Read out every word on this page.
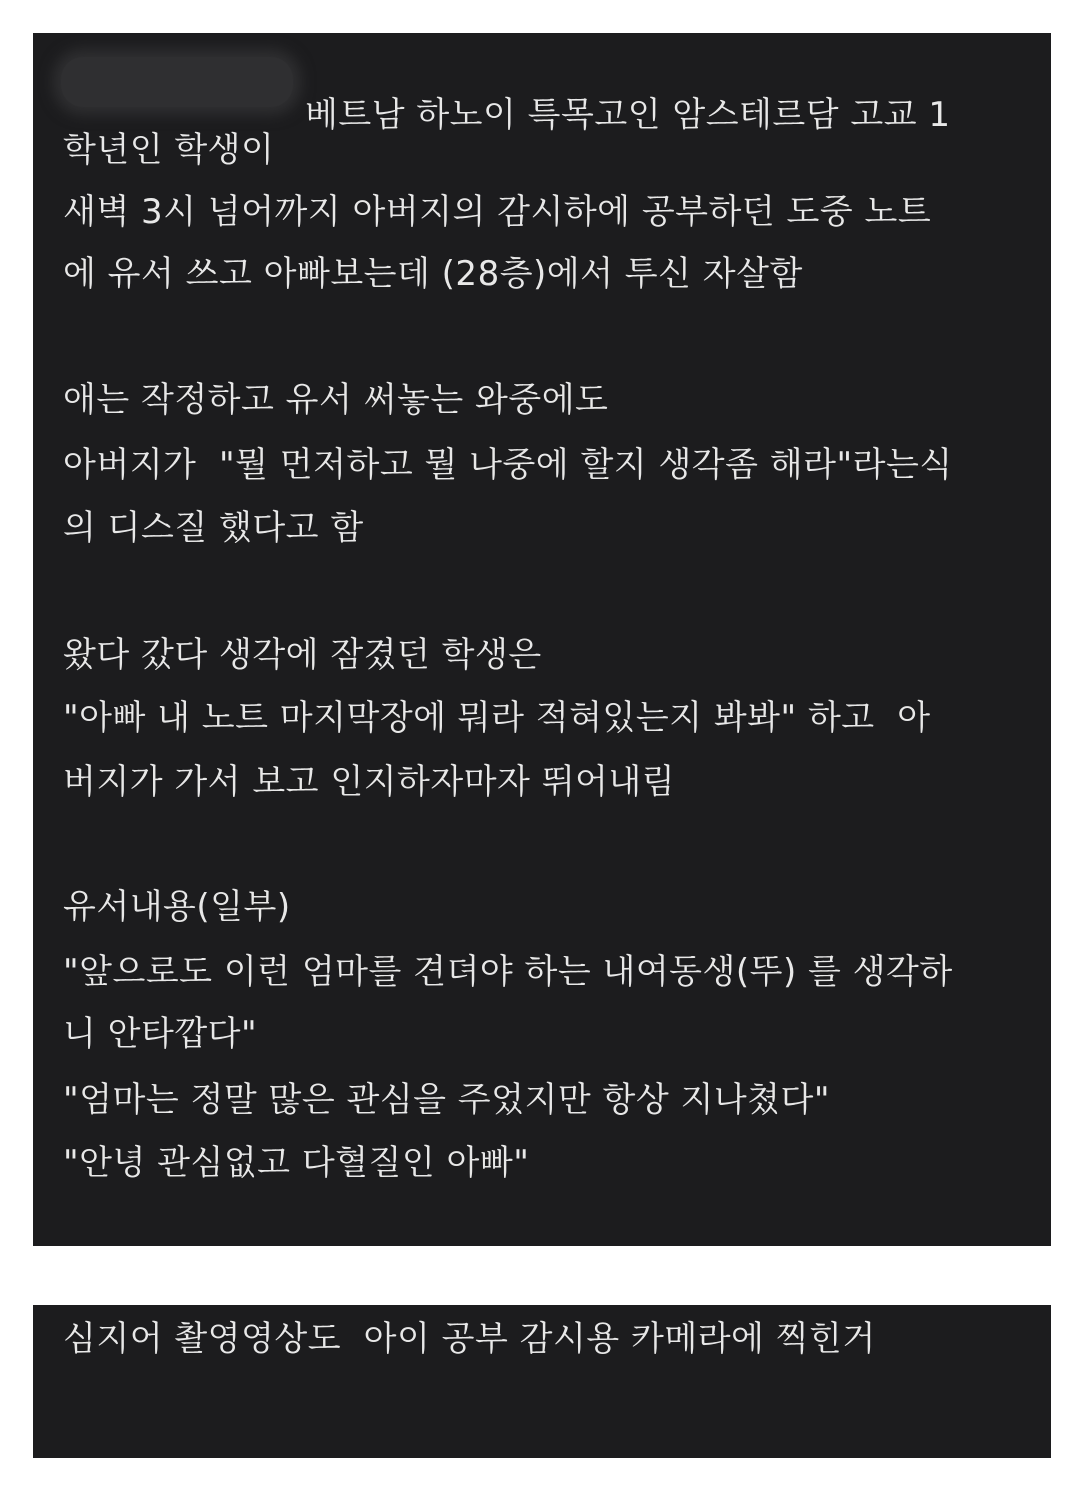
베트남 하노이 특목고인 암스테르담 고교 1
학년인 학생이
새벽 3시 넘어까지 아버지의 감시하에 공부하던 도중 노트
에 유서 쓰고 아빠보는데 (28층)에서 투신 자살함
애는 작정하고 유서 써놓는 와중에도
아버지가  "뭘 먼저하고 뭘 나중에 할지 생각좀 해라"라는식
의 디스질 했다고 함
왔다 갔다 생각에 잠겼던 학생은
"아빠 내 노트 마지막장에 뭐라 적혀있는지 봐봐" 하고  아
버지가 가서 보고 인지하자마자 뛰어내림
유서내용(일부)
"앞으로도 이런 엄마를 견뎌야 하는 내여동생(뚜) 를 생각하
니 안타깝다"
"엄마는 정말 많은 관심을 주었지만 항상 지나쳤다"
"안녕 관심없고 다혈질인 아빠"
심지어 촬영영상도  아이 공부 감시용 카메라에 찍힌거
